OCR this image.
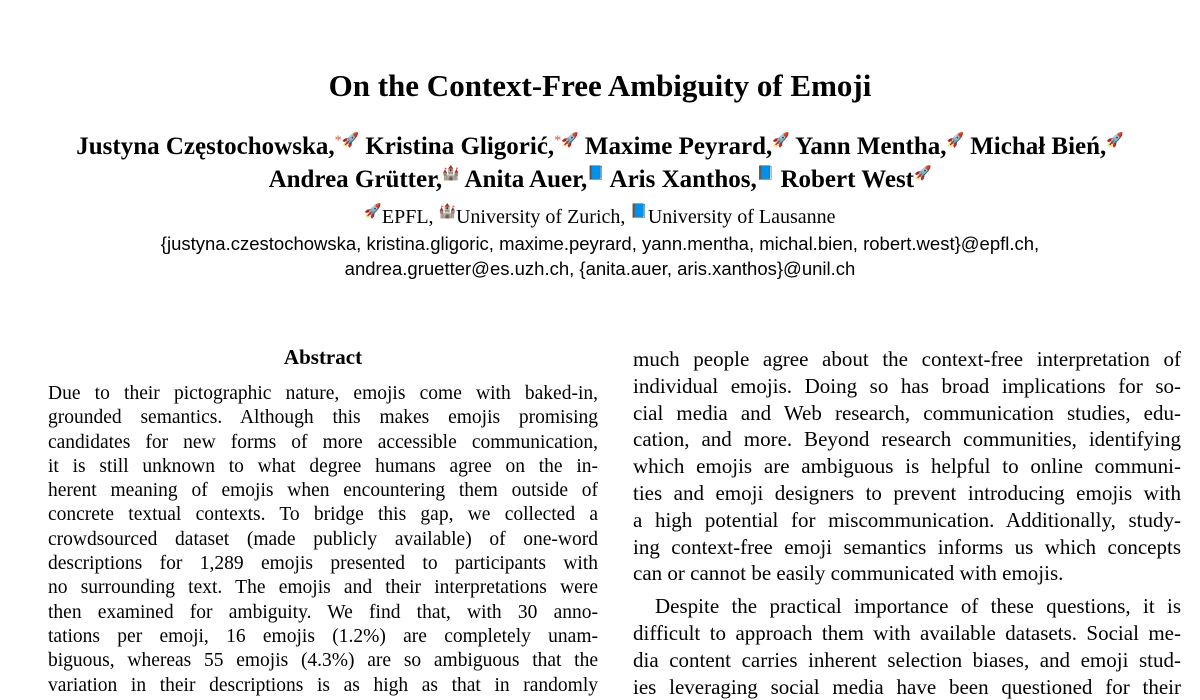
On the Context-Free Ambiguity of Emoji
Justyna Częstochowska,*🚀 Kristina Gligorić,*🚀 Maxime Peyrard,🚀 Yann Mentha,🚀 Michał Bień,🚀
Andrea Grütter,🏰 Anita Auer,📘 Aris Xanthos,📘 Robert West🚀
🚀EPFL, 🏰University of Zurich, 📘University of Lausanne
{justyna.czestochowska, kristina.gligoric, maxime.peyrard, yann.mentha, michal.bien, robert.west}@epfl.ch,
andrea.gruetter@es.uzh.ch, {anita.auer, aris.xanthos}@unil.ch
Abstract
Due to their pictographic nature, emojis come with baked-in,
grounded semantics. Although this makes emojis promising
candidates for new forms of more accessible communication,
it is still unknown to what degree humans agree on the in-
herent meaning of emojis when encountering them outside of
concrete textual contexts. To bridge this gap, we collected a
crowdsourced dataset (made publicly available) of one-word
descriptions for 1,289 emojis presented to participants with
no surrounding text. The emojis and their interpretations were
then examined for ambiguity. We find that, with 30 anno-
tations per emoji, 16 emojis (1.2%) are completely unam-
biguous, whereas 55 emojis (4.3%) are so ambiguous that the
variation in their descriptions is as high as that in randomly
much people agree about the context-free interpretation of
individual emojis. Doing so has broad implications for so-
cial media and Web research, communication studies, edu-
cation, and more. Beyond research communities, identifying
which emojis are ambiguous is helpful to online communi-
ties and emoji designers to prevent introducing emojis with
a high potential for miscommunication. Additionally, study-
ing context-free emoji semantics informs us which concepts
can or cannot be easily communicated with emojis.
Despite the practical importance of these questions, it is
difficult to approach them with available datasets. Social me-
dia content carries inherent selection biases, and emoji stud-
ies leveraging social media have been questioned for their
